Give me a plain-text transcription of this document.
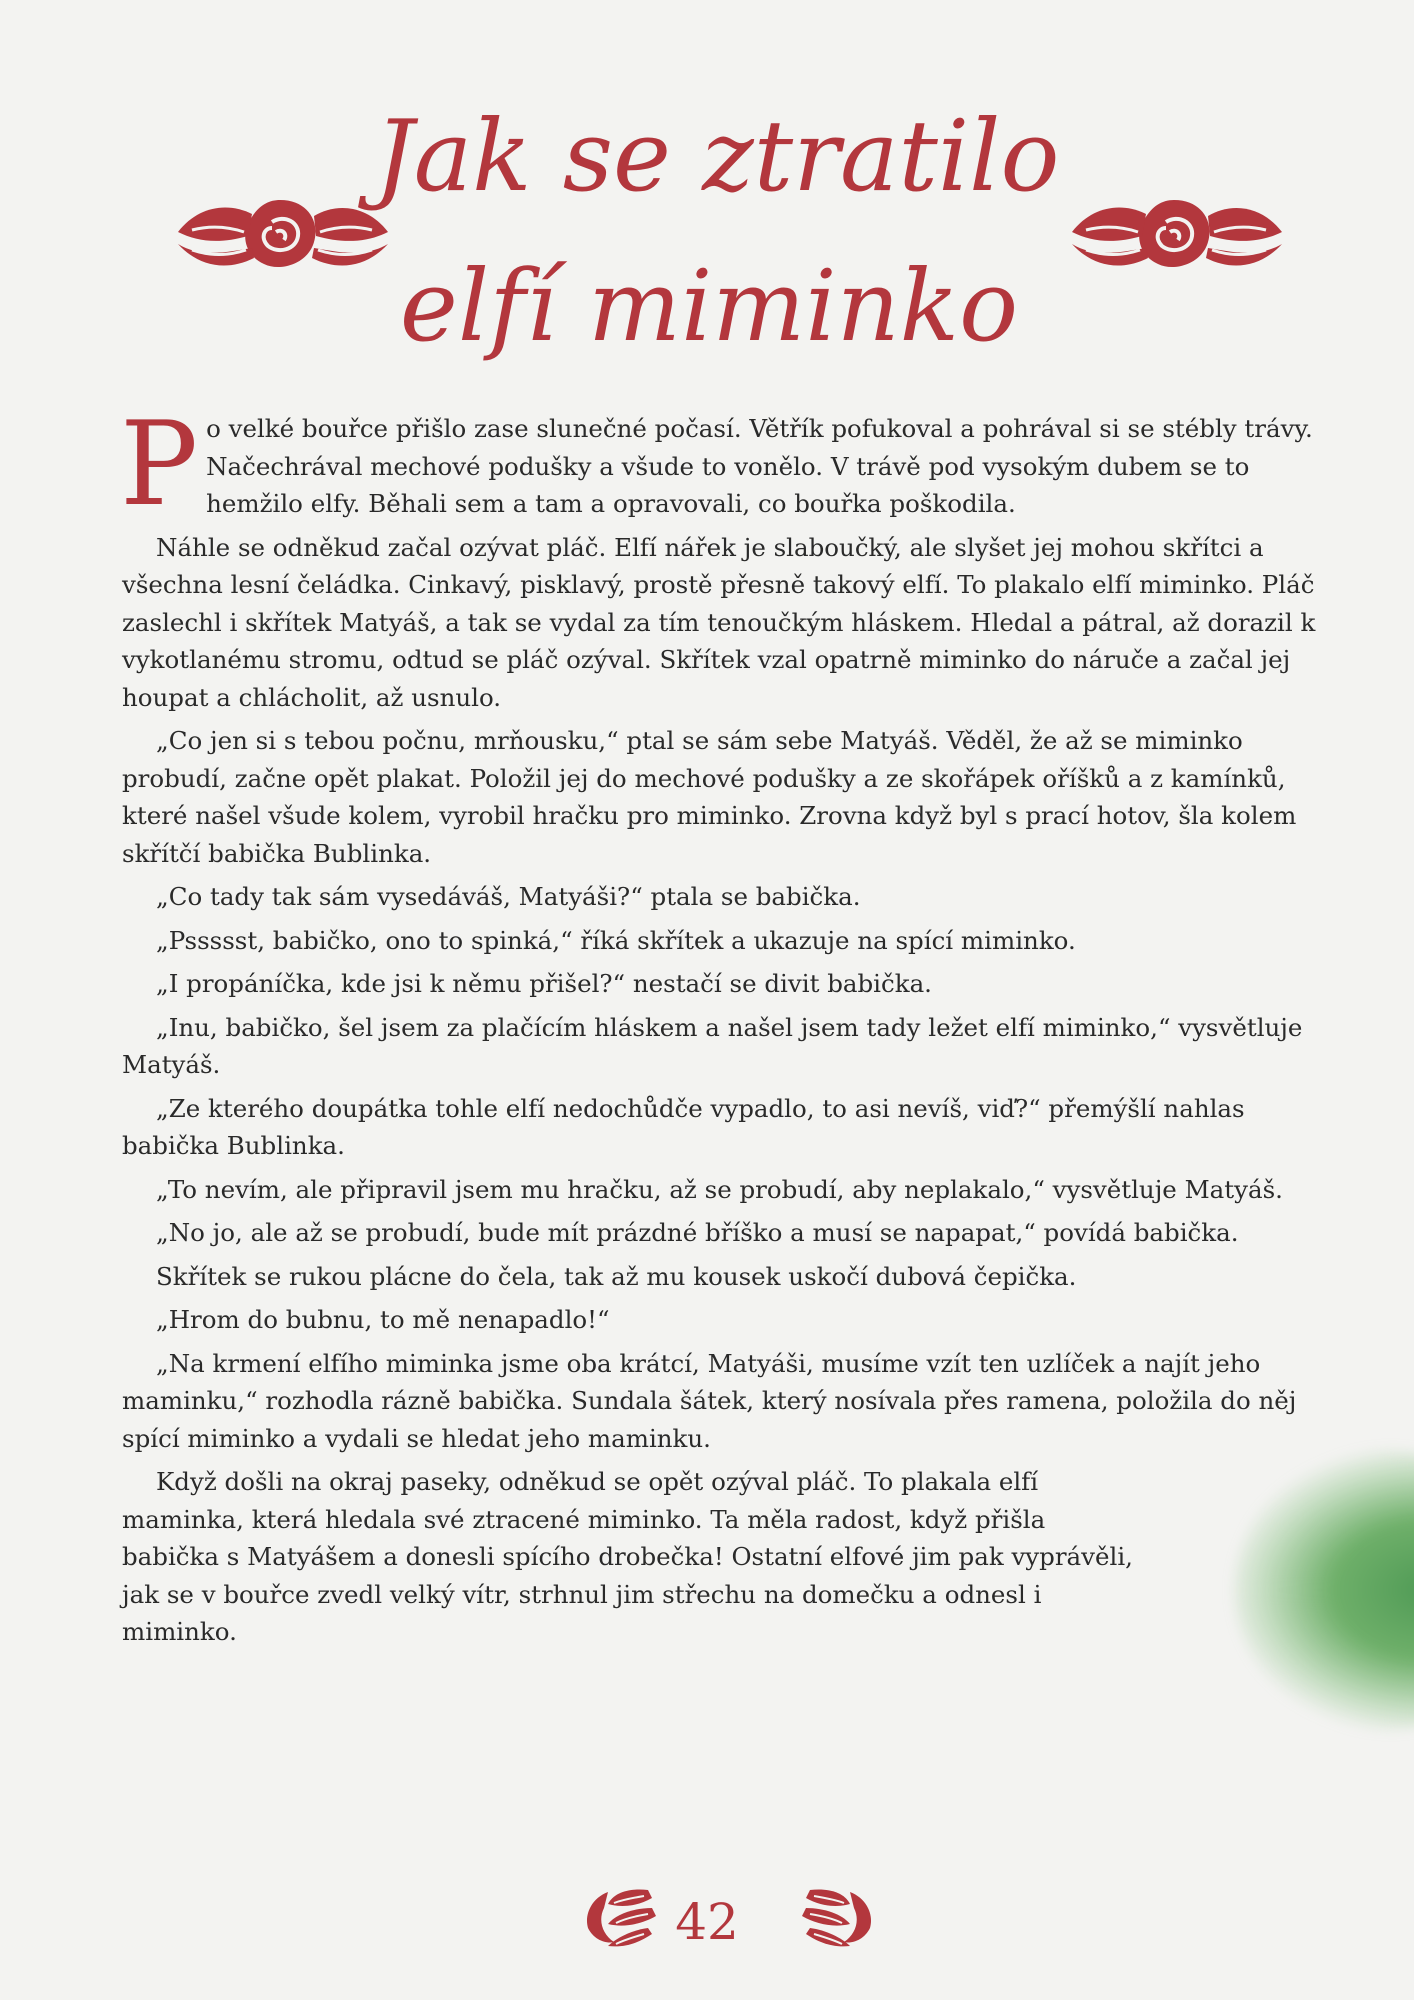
Jak se ztratilo
elfí miminko

Po velké bouřce přišlo zase slunečné počasí. Větřík pofukoval a pohrával si se stébly trávy. Načechrával mechové podušky a všude to vonělo. V trávě pod vysokým dubem se to hemžilo elfy. Běhali sem a tam a opravovali, co bouřka poškodila.

Náhle se odněkud začal ozývat pláč. Elfí nářek je slaboučký, ale slyšet jej mohou skřítci a všechna lesní čeládka. Cinkavý, pisklavý, prostě přesně takový elfí. To plakalo elfí miminko. Pláč zaslechl i skřítek Matyáš, a tak se vydal za tím tenoučkým hláskem. Hledal a pátral, až dorazil k vykotlanému stromu, odtud se pláč ozýval. Skřítek vzal opatrně miminko do náruče a začal jej houpat a chlácholit, až usnulo.

„Co jen si s tebou počnu, mrňousku,“ ptal se sám sebe Matyáš. Věděl, že až se miminko probudí, začne opět plakat. Položil jej do mechové podušky a ze skořápek oříšků a z kamínků, které našel všude kolem, vyrobil hračku pro miminko. Zrovna když byl s prací hotov, šla kolem skřítčí babička Bublinka.

„Co tady tak sám vysedáváš, Matyáši?“ ptala se babička.

„Pssssst, babičko, ono to spinká,“ říká skřítek a ukazuje na spící miminko.

„I propáníčka, kde jsi k němu přišel?“ nestačí se divit babička.

„Inu, babičko, šel jsem za plačícím hláskem a našel jsem tady ležet elfí miminko,“ vysvětluje Matyáš.

„Ze kterého doupátka tohle elfí nedochůdče vypadlo, to asi nevíš, viď?“ přemýšlí nahlas babička Bublinka.

„To nevím, ale připravil jsem mu hračku, až se probudí, aby neplakalo,“ vysvětluje Matyáš.

„No jo, ale až se probudí, bude mít prázdné bříško a musí se napapat,“ povídá babička.

Skřítek se rukou plácne do čela, tak až mu kousek uskočí dubová čepička.

„Hrom do bubnu, to mě nenapadlo!“

„Na krmení elfího miminka jsme oba krátcí, Matyáši, musíme vzít ten uzlíček a najít jeho maminku,“ rozhodla rázně babička. Sundala šátek, který nosívala přes ramena, položila do něj spící miminko a vydali se hledat jeho maminku.

Když došli na okraj paseky, odněkud se opět ozýval pláč. To plakala elfí maminka, která hledala své ztracené miminko. Ta měla radost, když přišla babička s Matyášem a donesli spícího drobečka! Ostatní elfové jim pak vyprávěli, jak se v bouřce zvedl velký vítr, strhnul jim střechu na domečku a odnesl i miminko.

42
